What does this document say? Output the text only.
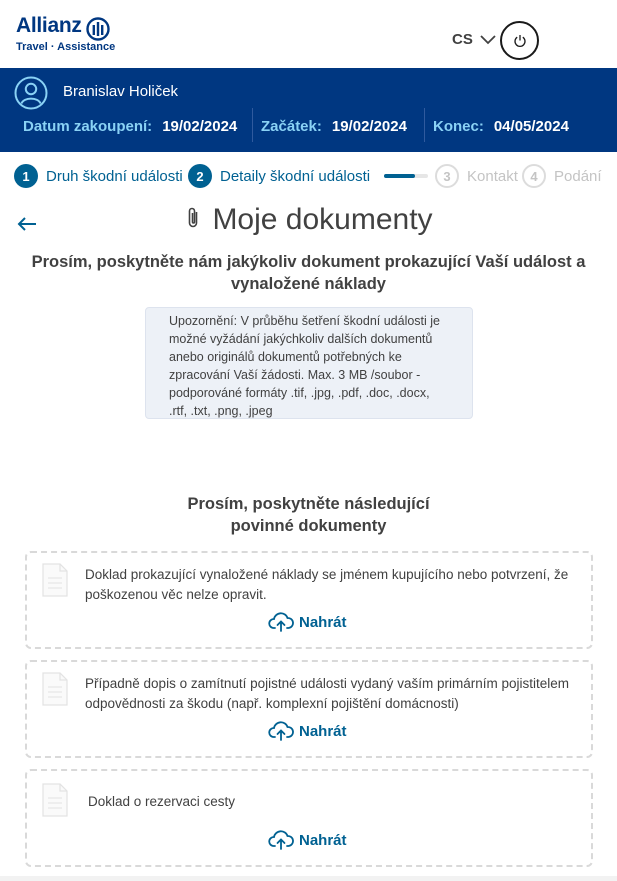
Allianz
Travel · Assistance	CS
Branislav Holiček
Datum zakoupení: 19/02/2024 Začátek: 19/02/2024 Konec: 04/05/2024
1	Druh škodní události	2	Detaily škodní události	3	Kontakt 4	Podání
Moje dokumenty
Prosím, poskytněte nám jakýkoliv dokument prokazující Vaší událost a vynaložené náklady
Upozornění: V průběhu šetření škodní události je možné vyžádání jakýchkoliv dalších dokumentů anebo originálů dokumentů potřebných ke zpracování Vaší žádosti. Max. 3 MB /soubor - podporováné formáty .tif, .jpg, .pdf, .doc, .docx, .rtf, .txt, .png, .jpeg
Prosím, poskytněte následující
povinné dokumenty
Doklad prokazující vynaložené náklady se jménem kupujícího nebo potvrzení, že poškozenou věc nelze opravit.
Nahrát
Případně dopis o zamítnutí pojistné události vydaný vaším primárním pojistitelem odpovědnosti za škodu (např. komplexní pojištění domácnosti)
Nahrát
Doklad o rezervaci cesty
Nahrát
